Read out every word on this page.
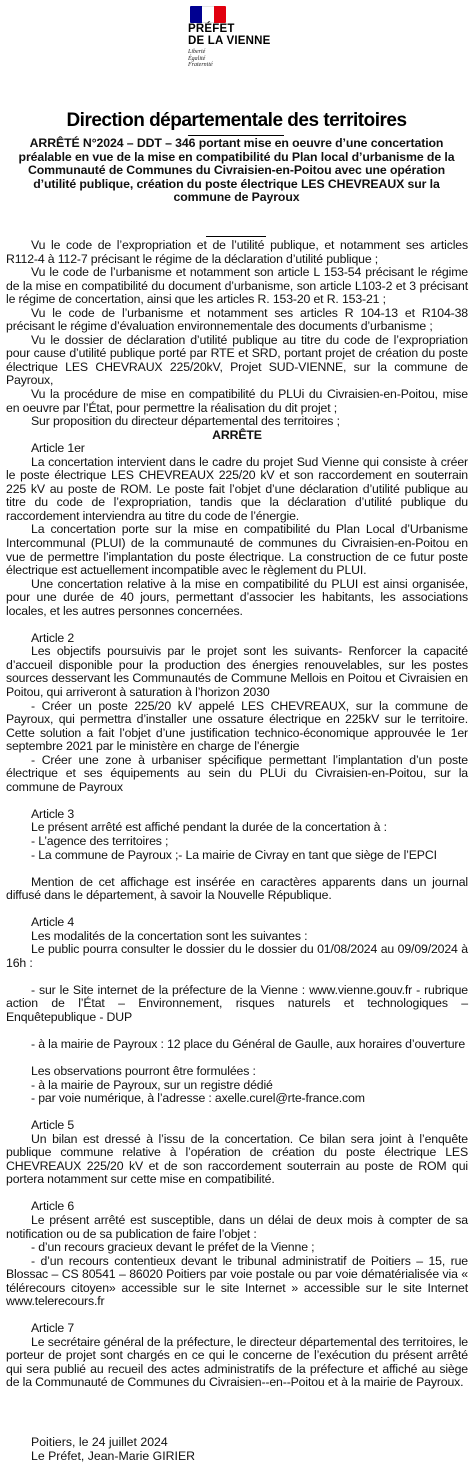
PRÉFET
DE LA VIENNE
Liberté
Égalité
Fraternité
Direction départementale des territoires
ARRÊTÉ N°2024 – DDT – 346 portant mise en oeuvre d’une concertation préalable en vue de la mise en compatibilité du Plan local d’urbanisme de la Communauté de Communes du Civraisien-en-Poitou avec une opération d’utilité publique, création du poste électrique LES CHEVREAUX sur la commune de Payroux

Vu le code de l’expropriation et de l’utilité publique, et notamment ses articles R112-4 à 112-7 précisant le régime de la déclaration d’utilité publique ;

Vu le code de l’urbanisme et notamment son article L 153-54 précisant le régime de la mise en compatibilité du document d’urbanisme, son article L103-2 et 3 précisant le régime de concertation, ainsi que les articles R. 153-20 et R. 153-21 ;

Vu le code de l’urbanisme et notamment ses articles R 104-13 et R104-38 précisant le régime d’évaluation environnementale des documents d’urbanisme ;

Vu le dossier de déclaration d’utilité publique au titre du code de l’expropriation pour cause d’utilité publique porté par RTE et SRD, portant projet de création du poste électrique LES CHEVRAUX 225/20kV, Projet SUD-VIENNE, sur la commune de Payroux,

Vu la procédure de mise en compatibilité du PLUi du Civraisien-en-Poitou, mise en oeuvre par l’État, pour permettre la réalisation du dit projet ;

Sur proposition du directeur départemental des territoires ;

ARRÊTE

Article 1er

La concertation intervient dans le cadre du projet Sud Vienne qui consiste à créer le poste électrique LES CHEVREAUX 225/20 kV et son raccordement en souterrain 225 kV au poste de ROM. Le poste fait l’objet d’une déclaration d’utilité publique au titre du code de l’expropriation, tandis que la déclaration d’utilité publique du raccordement interviendra au titre du code de l’énergie.

La concertation porte sur la mise en compatibilité du Plan Local d’Urbanisme Intercommunal (PLUI) de la communauté de communes du Civraisien-en-Poitou en vue de permettre l’implantation du poste électrique. La construction de ce futur poste électrique est actuellement incompatible avec le règlement du PLUI.

Une concertation relative à la mise en compatibilité du PLUI est ainsi organisée, pour une durée de 40 jours, permettant d’associer les habitants, les associations locales, et les autres personnes concernées.

Article 2

Les objectifs poursuivis par le projet sont les suivants- Renforcer la capacité d’accueil disponible pour la production des énergies renouvelables, sur les postes sources desservant les Communautés de Commune Mellois en Poitou et Civraisien en Poitou, qui arriveront à saturation à l’horizon 2030

- Créer un poste 225/20 kV appelé LES CHEVREAUX, sur la commune de Payroux, qui permettra d’installer une ossature électrique en 225kV sur le territoire. Cette solution a fait l’objet d’une justification technico-économique approuvée le 1er septembre 2021 par le ministère en charge de l’énergie

- Créer une zone à urbaniser spécifique permettant l’implantation d’un poste électrique et ses équipements au sein du PLUi du Civraisien-en-Poitou, sur la commune de Payroux

Article 3

Le présent arrêté est affiché pendant la durée de la concertation à :

- L’agence des territoires ;

- La commune de Payroux ;- La mairie de Civray en tant que siège de l’EPCI

Mention de cet affichage est insérée en caractères apparents dans un journal diffusé dans le département, à savoir la Nouvelle République.

Article 4

Les modalités de la concertation sont les suivantes :

Le public pourra consulter le dossier du le dossier du 01/08/2024 au 09/09/2024 à 16h :

- sur le Site internet de la préfecture de la Vienne : www.vienne.gouv.fr - rubrique action de l’État – Environnement, risques naturels et technologiques – Enquêtepublique - DUP

- à la mairie de Payroux : 12 place du Général de Gaulle, aux horaires d’ouverture

Les observations pourront être formulées :

- à la mairie de Payroux, sur un registre dédié

- par voie numérique, à l’adresse : axelle.curel@rte-france.com

Article 5

Un bilan est dressé à l’issu de la concertation. Ce bilan sera joint à l’enquête publique commune relative à l’opération de création du poste électrique LES CHEVREAUX 225/20 kV et de son raccordement souterrain au poste de ROM qui portera notamment sur cette mise en compatibilité.

Article 6

Le présent arrêté est susceptible, dans un délai de deux mois à compter de sa notification ou de sa publication de faire l’objet :

- d’un recours gracieux devant le préfet de la Vienne ;

- d’un recours contentieux devant le tribunal administratif de Poitiers – 15, rue Blossac – CS 80541 – 86020 Poitiers par voie postale ou par voie dématérialisée via « télérecours citoyen» accessible sur le site Internet » accessible sur le site Internet www.telerecours.fr

Article 7

Le secrétaire général de la préfecture, le directeur départemental des territoires, le porteur de projet sont chargés en ce qui le concerne de l’exécution du présent arrêté qui sera publié au recueil des actes administratifs de la préfecture et affiché au siège de la Communauté de Communes du Civraisien--en--Poitou et à la mairie de Payroux.

Poitiers, le 24 juillet 2024
Le Préfet, Jean-Marie GIRIER
